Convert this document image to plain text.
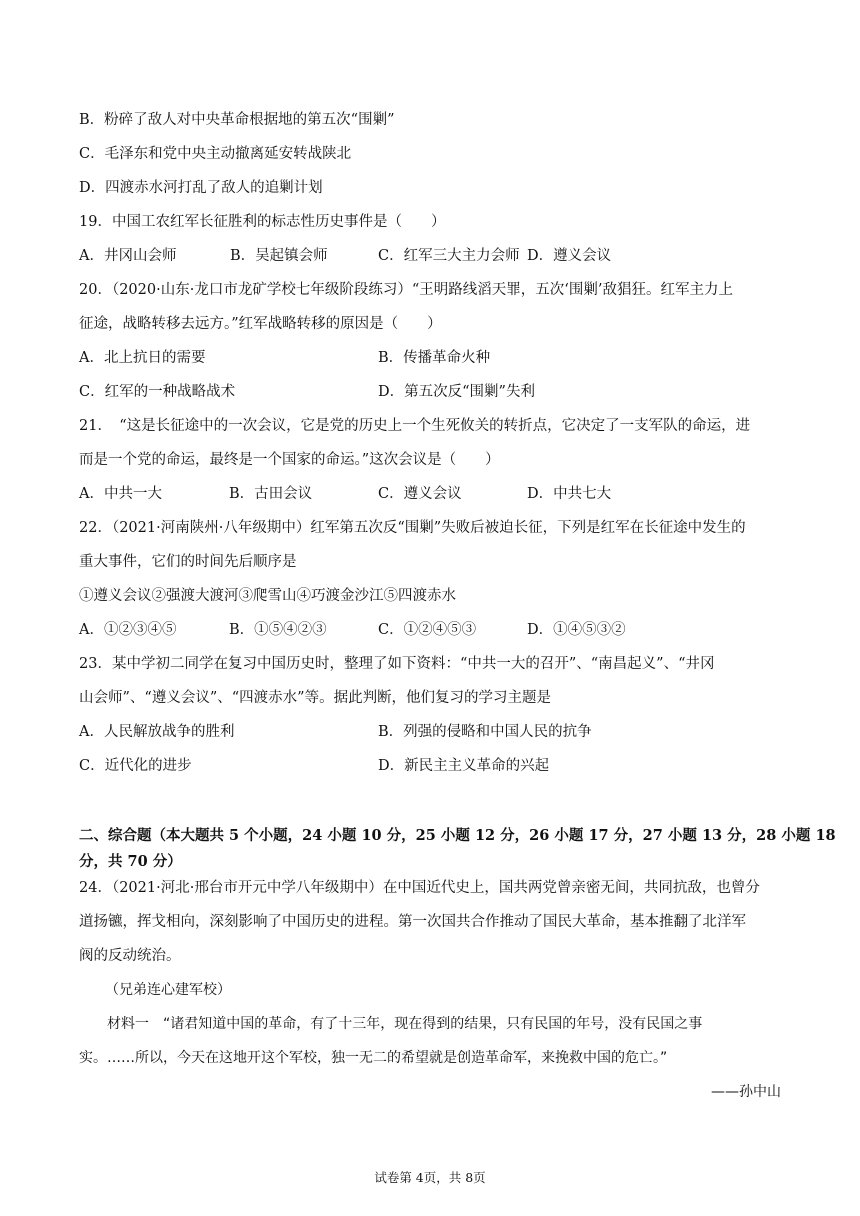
B．粉碎了敌人对中央革命根据地的第五次“围剿”
C．毛泽东和党中央主动撤离延安转战陕北
D．四渡赤水河打乱了敌人的追剿计划
19．中国工农红军长征胜利的标志性历史事件是（　　）
A．井冈山会师	B．吴起镇会师	C．红军三大主力会师 D．遵义会议
20．（2020·山东·龙口市龙矿学校七年级阶段练习）“王明路线滔天罪，五次‘围剿’敌猖狂。红军主力上
征途，战略转移去远方。”红军战略转移的原因是（　　）
A．北上抗日的需要	B．传播革命火种
C．红军的一种战略战术	D．第五次反“围剿”失利
21．　“这是长征途中的一次会议，它是党的历史上一个生死攸关的转折点，它决定了一支军队的命运，进
而是一个党的命运，最终是一个国家的命运。”这次会议是（　　）
A．中共一大	B．古田会议	C．遵义会议	D．中共七大
22．（2021·河南陕州·八年级期中）红军第五次反“围剿”失败后被迫长征，下列是红军在长征途中发生的
重大事件，它们的时间先后顺序是
①遵义会议②强渡大渡河③爬雪山④巧渡金沙江⑤四渡赤水
A．①②③④⑤	B．①⑤④②③	C．①②④⑤③	D．①④⑤③②
23．某中学初二同学在复习中国历史时，整理了如下资料：“中共一大的召开”、“南昌起义”、“井冈
山会师”、“遵义会议”、“四渡赤水”等。据此判断，他们复习的学习主题是
A．人民解放战争的胜利	B．列强的侵略和中国人民的抗争
C．近代化的进步	D．新民主主义革命的兴起
二、综合题（本大题共 5 个小题，24 小题 10 分，25 小题 12 分，26 小题 17 分，27 小题 13 分，28 小题 18
分，共 70 分）
24．（2021·河北·邢台市开元中学八年级期中）在中国近代史上，国共两党曾亲密无间，共同抗敌，也曾分
道扬镳，挥戈相向，深刻影响了中国历史的进程。第一次国共合作推动了国民大革命，基本推翻了北洋军
阀的反动统治。
（兄弟连心建军校）
材料一　“诸君知道中国的革命，有了十三年，现在得到的结果，只有民国的年号，没有民国之事
实。……所以，今天在这地开这个军校，独一无二的希望就是创造革命军，来挽救中国的危亡。”
——孙中山
试卷第 4页，共 8页
